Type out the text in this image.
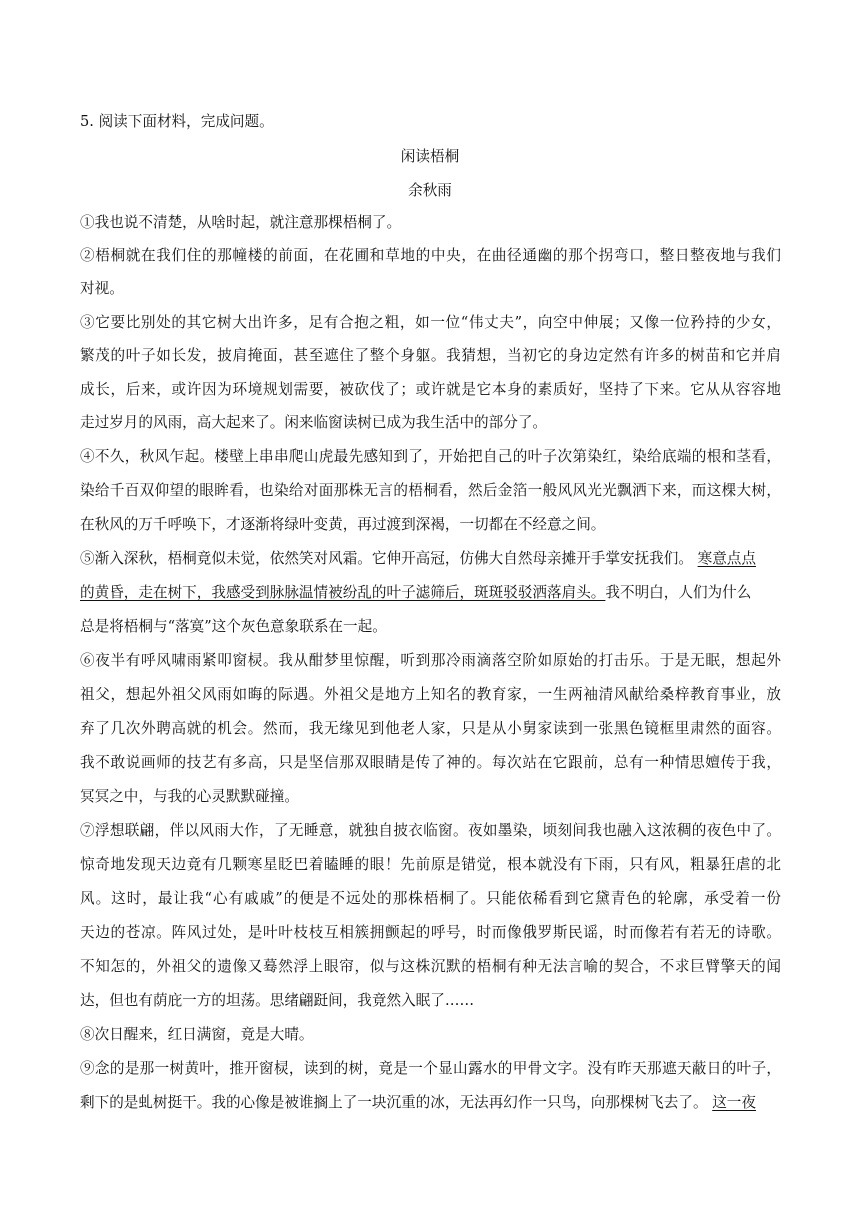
5. 阅读下面材料，完成问题。
闲读梧桐
余秋雨
①我也说不清楚，从啥时起，就注意那棵梧桐了。
②梧桐就在我们住的那幢楼的前面，在花圃和草地的中央，在曲径通幽的那个拐弯口，整日整夜地与我们
对视。
③它要比别处的其它树大出许多，足有合抱之粗，如一位“伟丈夫”，向空中伸展；又像一位矜持的少女，
繁茂的叶子如长发，披肩掩面，甚至遮住了整个身躯。我猜想，当初它的身边定然有许多的树苗和它并肩
成长，后来，或许因为环境规划需要，被砍伐了；或许就是它本身的素质好，坚持了下来。它从从容容地
走过岁月的风雨，高大起来了。闲来临窗读树已成为我生活中的部分了。
④不久，秋风乍起。楼壁上串串爬山虎最先感知到了，开始把自己的叶子次第染红，染给底端的根和茎看，
染给千百双仰望的眼眸看，也染给对面那株无言的梧桐看，然后金箔一般风风光光飘洒下来，而这棵大树，
在秋风的万千呼唤下，才逐渐将绿叶变黄，再过渡到深褐，一切都在不经意之间。
⑤渐入深秋，梧桐竟似未觉，依然笑对风霜。它伸开高冠，仿佛大自然母亲摊开手掌安抚我们。 寒意点点
的黄昏，走在树下，我感受到脉脉温情被纷乱的叶子滤筛后，斑斑驳驳洒落肩头。我不明白，人们为什么
总是将梧桐与“落寞”这个灰色意象联系在一起。
⑥夜半有呼风啸雨紧叩窗棂。我从酣梦里惊醒，听到那冷雨滴落空阶如原始的打击乐。于是无眠，想起外
祖父，想起外祖父风雨如晦的际遇。外祖父是地方上知名的教育家，一生两袖清风献给桑梓教育事业，放
弃了几次外聘高就的机会。然而，我无缘见到他老人家，只是从小舅家读到一张黑色镜框里肃然的面容。
我不敢说画师的技艺有多高，只是坚信那双眼睛是传了神的。每次站在它跟前，总有一种情思嬗传于我，
冥冥之中，与我的心灵默默碰撞。
⑦浮想联翩，伴以风雨大作，了无睡意，就独自披衣临窗。夜如墨染，顷刻间我也融入这浓稠的夜色中了。
惊奇地发现天边竟有几颗寒星眨巴着瞌睡的眼！先前原是错觉，根本就没有下雨，只有风，粗暴狂虐的北
风。这时，最让我“心有戚戚”的便是不远处的那株梧桐了。只能依稀看到它黛青色的轮廓，承受着一份
天边的苍凉。阵风过处，是叶叶枝枝互相簇拥颤起的呼号，时而像俄罗斯民谣，时而像若有若无的诗歌。
不知怎的，外祖父的遗像又蓦然浮上眼帘，似与这株沉默的梧桐有种无法言喻的契合，不求巨臂擎天的闻
达，但也有荫庇一方的坦荡。思绪翩跹间，我竟然入眠了……
⑧次日醒来，红日满窗，竟是大晴。
⑨念的是那一树黄叶，推开窗棂，读到的树，竟是一个显山露水的甲骨文字。没有昨天那遮天蔽日的叶子，
剩下的是虬树挺干。我的心像是被谁搁上了一块沉重的冰，无法再幻作一只鸟，向那棵树飞去了。 这一夜
